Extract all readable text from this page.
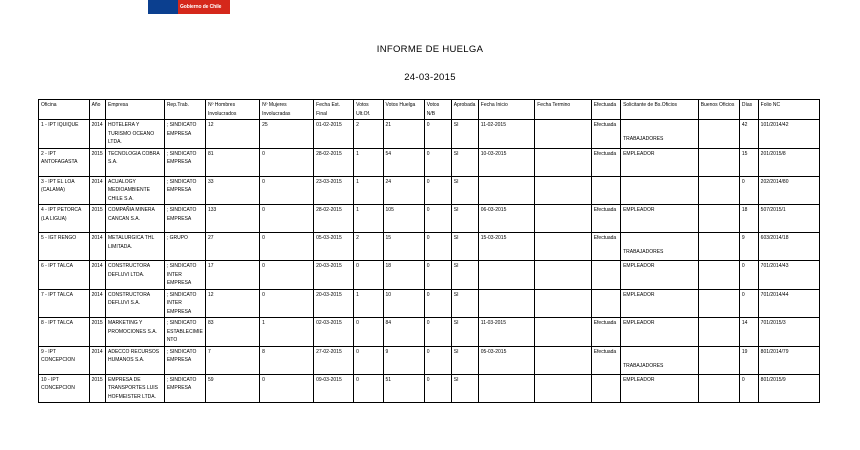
Gobierno de Chile
INFORME DE HUELGA
24-03-2015
Oficina	Año	Empresa	Rep.Trab.	Nº Hombres Involucrados	Nº Mujeres Involucradas	Fecha Est. Final	Votos Ult.Of.	Votos Huelga	Votos N/B	Aprobada	Fecha Inicio	Fecha Termino	Efectuada	Solicitante de Bs.Oficios	Buenos Oficios	Días	Folio NC
1 - IPT IQUIQUE	2014	HOTELERA Y TURISMO OCEANO LTDA.	; SINDICATO EMPRESA	12	25	01-02-2015	2	21	0	SI	11-02-2015		Efectuada	TRABAJADORES		42	101/2014/42
2 - IPT ANTOFAGASTA	2015	TECNOLOGIA COBRA S.A.	; SINDICATO EMPRESA	81	0	28-02-2015	1	54	0	SI	10-03-2015		Efectuada	EMPLEADOR		15	201/2015/8
3 - IPT EL LOA (CALAMA)	2014	ACUALOGY MEDIOAMBIENTE CHILE S.A.	; SINDICATO EMPRESA	33	0	23-03-2015	1	24	0	SI						0	202/2014/80
4 - IPT PETORCA (LA LIGUA)	2015	COMPAÑIA MINERA CANCAN S.A.	; SINDICATO EMPRESA	133	0	28-02-2015	1	105	0	SI	06-03-2015		Efectuada	EMPLEADOR		18	507/2015/1
5 - IGT RENGO	2014	METALURGICA THL LIMITADA.	; GRUPO	27	0	05-03-2015	2	15	0	SI	15-03-2015		Efectuada	TRABAJADORES		9	603/2014/18
6 - IPT TALCA	2014	CONSTRUCTORA DEFLUVI LTDA.	; SINDICATO INTER EMPRESA	17	0	20-03-2015	0	18	0	SI				EMPLEADOR		0	701/2014/43
7 - IPT TALCA	2014	CONSTRUCTORA DEFLUVI S.A.	; SINDICATO INTER EMPRESA	12	0	20-03-2015	1	10	0	SI				EMPLEADOR		0	701/2014/44
8 - IPT TALCA	2015	MARKETING Y PROMOCIONES S.A.	; SINDICATO ESTABLECIMIENTO	83	1	02-03-2015	0	84	0	SI	11-03-2015		Efectuada	EMPLEADOR		14	701/2015/3
9 - IPT CONCEPCION	2014	ADECCO RECURSOS HUMANOS S.A.	; SINDICATO EMPRESA	7	8	27-02-2015	0	9	0	SI	05-03-2015		Efectuada	TRABAJADORES		19	801/2014/79
10 - IPT CONCEPCION	2015	EMPRESA DE TRANSPORTES LUIS HOFMEISTER LTDA.	; SINDICATO EMPRESA	59	0	09-03-2015	0	51	0	SI				EMPLEADOR		0	801/2015/9
